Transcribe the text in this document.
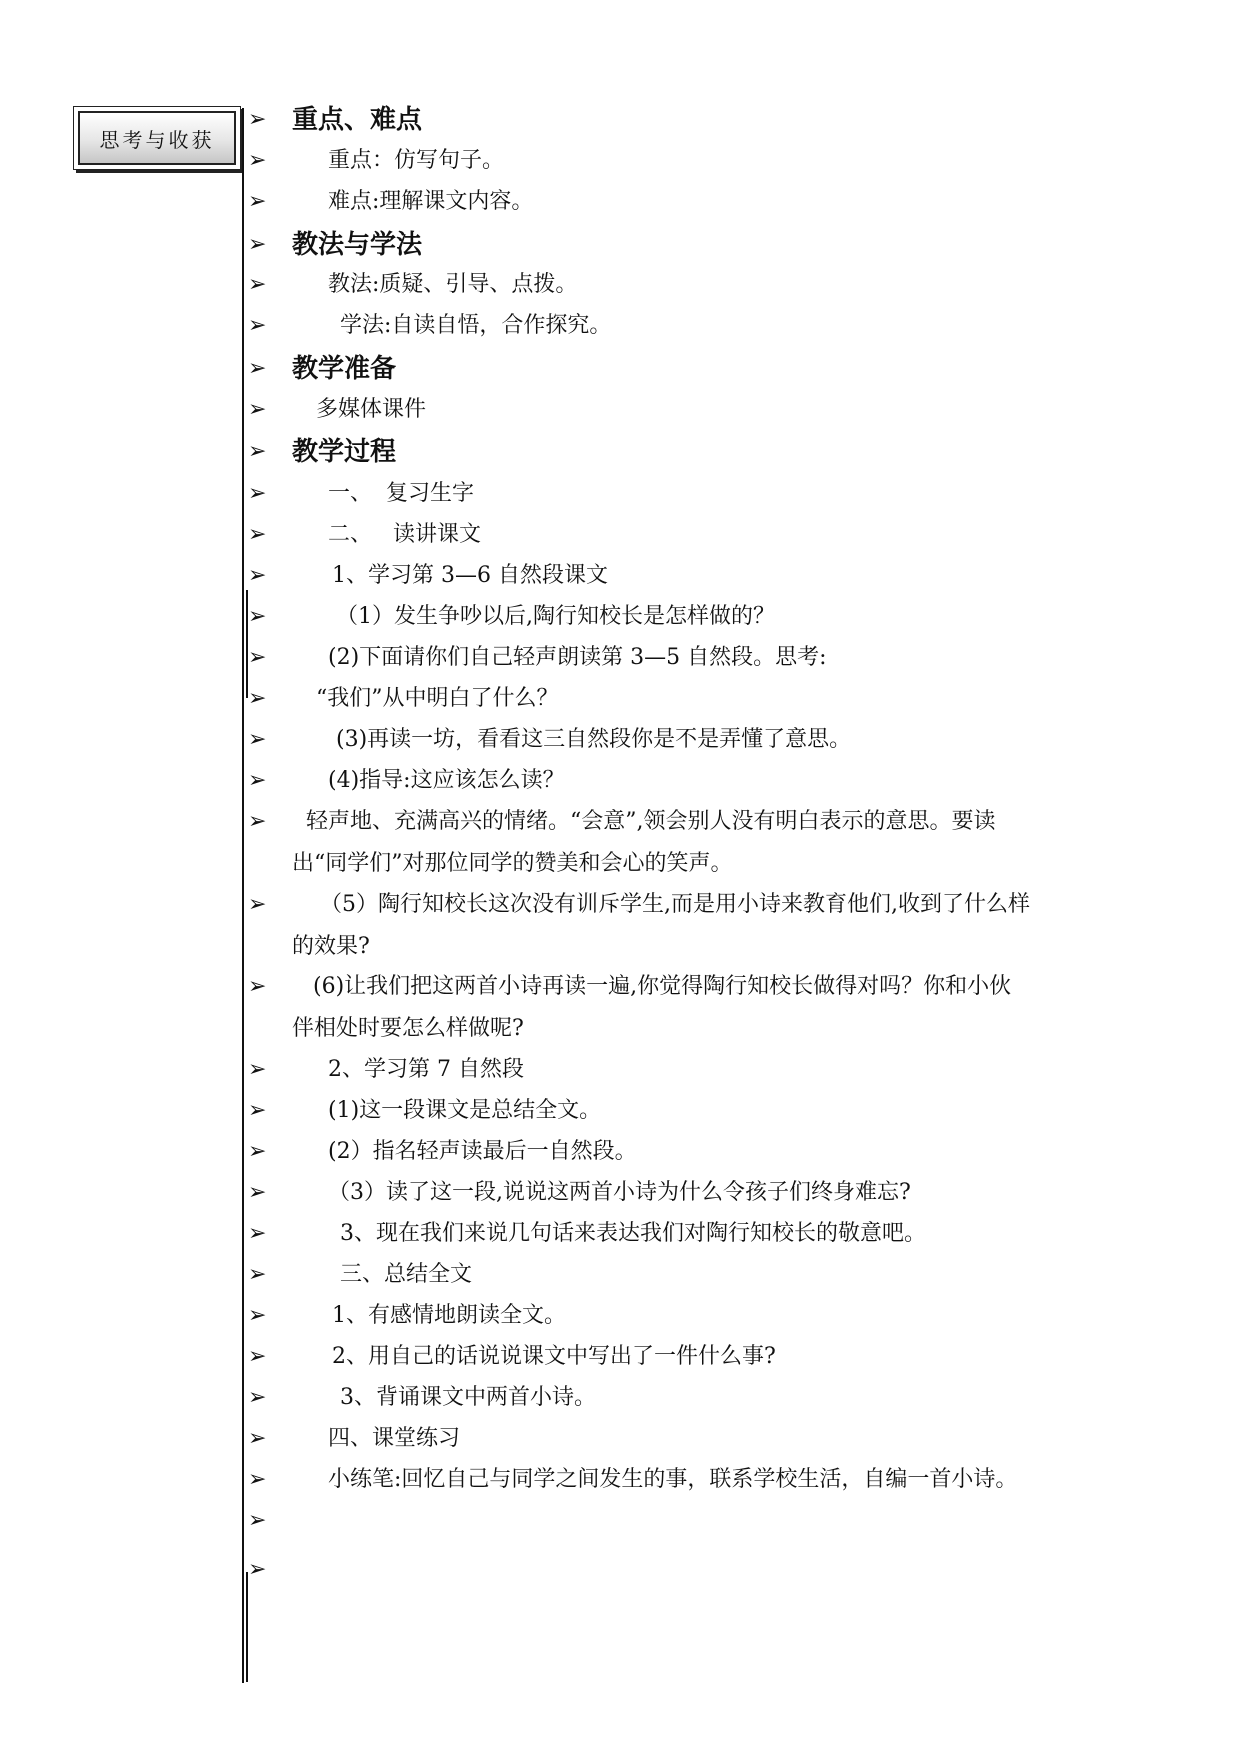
思考与收获
➢ 重点、难点
➢	重点：仿写句子。
➢	难点:理解课文内容。
➢ 教法与学法
➢	教法:质疑、引导、点拨。
➢	学法:自读自悟，合作探究。
➢ 教学准备
➢	多媒体课件
➢ 教学过程
➢	一、  复习生字
➢	二、   读讲课文
➢	1、学习第 3—6 自然段课文
➢	（1）发生争吵以后,陶行知校长是怎样做的？
➢	(2)下面请你们自己轻声朗读第 3—5 自然段。思考:
➢	“我们”从中明白了什么？
➢	(3)再读一坊，看看这三自然段你是不是弄懂了意思。
➢	(4)指导:这应该怎么读？
➢	轻声地、充满高兴的情绪。“会意”,领会别人没有明白表示的意思。要读出“同学们”对那位同学的赞美和会心的笑声。
➢	（5）陶行知校长这次没有训斥学生,而是用小诗来教育他们,收到了什么样的效果?
➢	(6)让我们把这两首小诗再读一遍,你觉得陶行知校长做得对吗？你和小伙伴相处时要怎么样做呢?
➢	2、学习第 7 自然段
➢	(1)这一段课文是总结全文。
➢	(2）指名轻声读最后一自然段。
➢	（3）读了这一段,说说这两首小诗为什么令孩子们终身难忘?
➢	3、现在我们来说几句话来表达我们对陶行知校长的敬意吧。
➢	三、总结全文
➢	1、有感情地朗读全文。
➢	2、用自己的话说说课文中写出了一件什么事?
➢	3、背诵课文中两首小诗。
➢	四、课堂练习
➢	小练笔:回忆自己与同学之间发生的事，联系学校生活，自编一首小诗。
➢
➢
